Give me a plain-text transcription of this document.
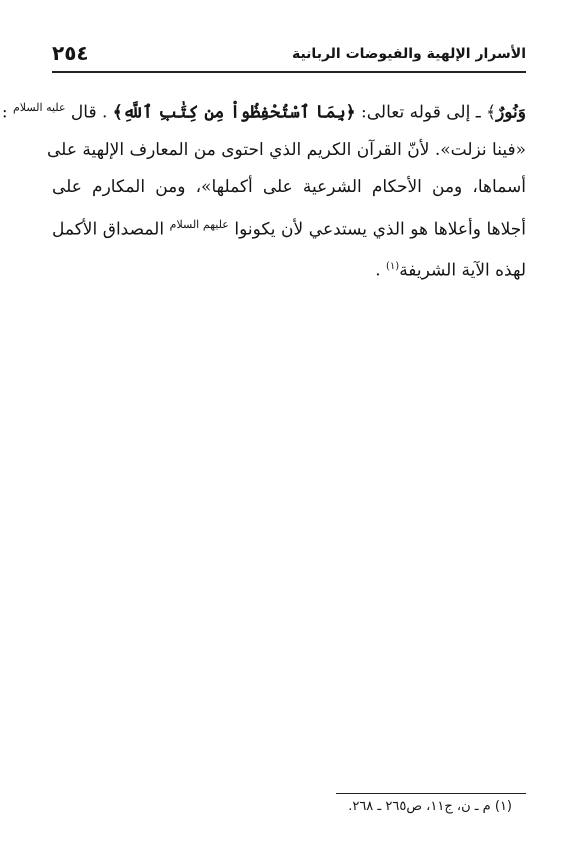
الأسرار الإلهية والفيوضات الربانية
٢٥٤
وَنُورٌ﴾ ـ إلى قوله تعالى: ﴿بِمَا ٱسْتُحْفِظُواْ مِن كِتَٰبِ ٱللَّهِ﴾ . قال $^{عليه السلام}$ :
«فينا نزلت». لأنّ القرآن الكريم الذي احتوى من المعارف الإلهية على
أسماها، ومن الأحكام الشرعية على أكملها»، ومن المكارم على
أجلاها وأعلاها هو الذي يستدعي لأن يكونوا $^{عليهم السلام}$ المصداق الأكمل
لهذه الآية الشريفة$^{(١)}$ .
(١) م ـ ن، ج١١، ص٢٦٥ ـ ٢٦٨.
